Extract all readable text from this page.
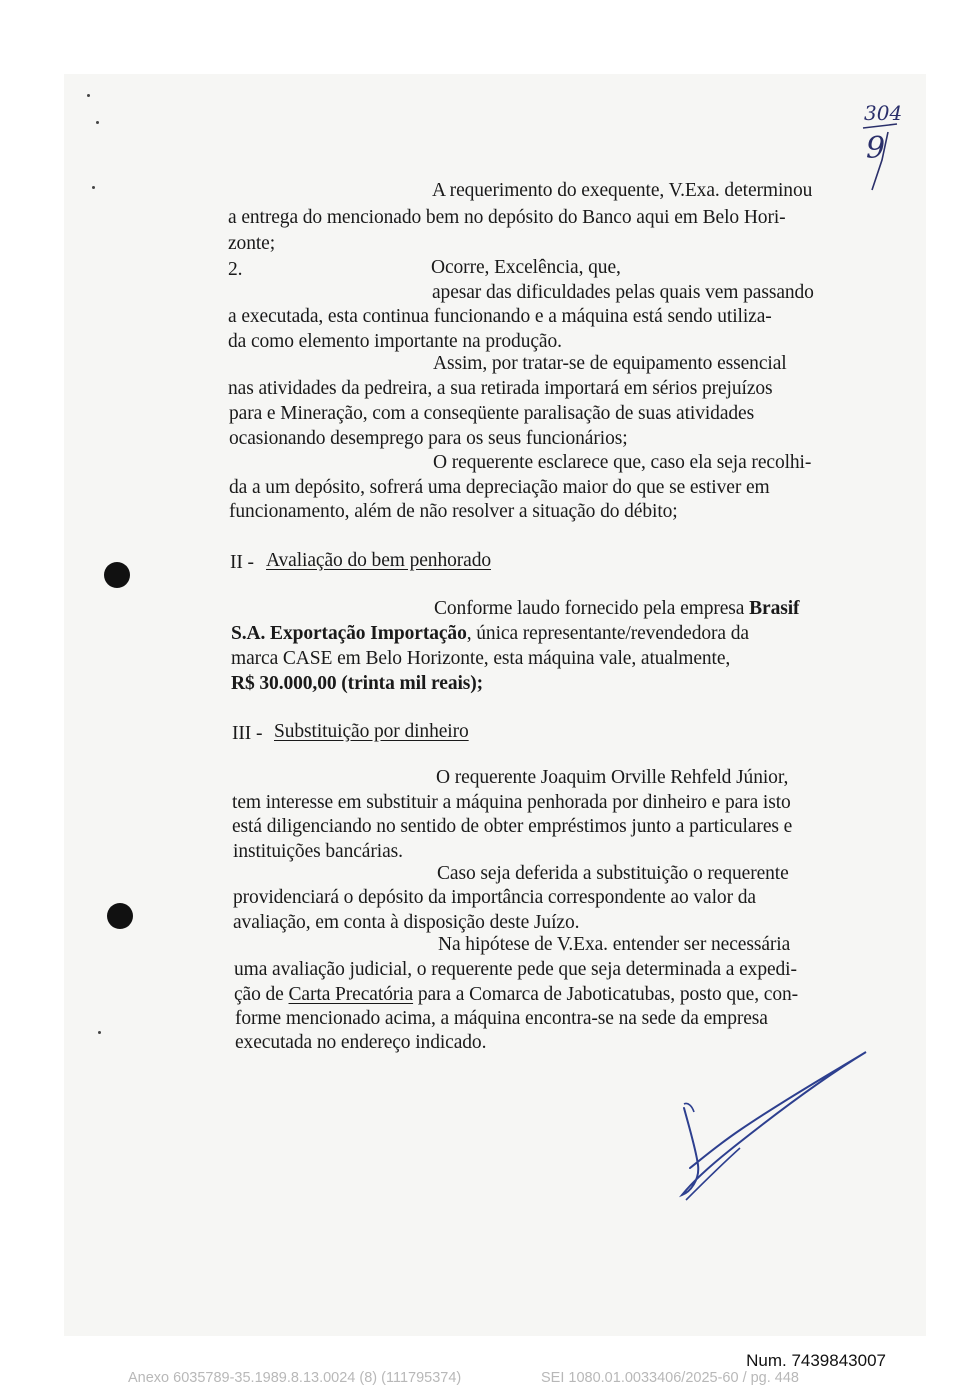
304
9
A requerimento do exequente, V.Exa. determinou
a entrega do mencionado bem no depósito do Banco aqui em Belo Hori-
zonte;
2.	Ocorre, Excelência, que,
apesar das dificuldades pelas quais vem passando
a executada, esta continua funcionando e a máquina está sendo utiliza-
da como elemento importante na produção.
Assim, por tratar-se de equipamento essencial
nas atividades da pedreira, a sua retirada importará em sérios prejuízos
para e Mineração, com a conseqüente paralisação de suas atividades
ocasionando desemprego para os seus funcionários;
O requerente esclarece que, caso ela seja recolhi-
da a um depósito, sofrerá uma depreciação maior do que se estiver em
funcionamento, além de não resolver a situação do débito;
II - Avaliação do bem penhorado
Conforme laudo fornecido pela empresa Brasif
S.A. Exportação Importação, única representante/revendedora da
marca CASE em Belo Horizonte, esta máquina vale, atualmente,
R$ 30.000,00 (trinta mil reais);
III - Substituição por dinheiro
O requerente Joaquim Orville Rehfeld Júnior,
tem interesse em substituir a máquina penhorada por dinheiro e para isto
está diligenciando no sentido de obter empréstimos junto a particulares e
instituições bancárias.
Caso seja deferida a substituição o requerente
providenciará o depósito da importância correspondente ao valor da
avaliação, em conta à disposição deste Juízo.
Na hipótese de V.Exa. entender ser necessária
uma avaliação judicial, o requerente pede que seja determinada a expedi-
ção de Carta Precatória para a Comarca de Jaboticatubas, posto que, con-
forme mencionado acima, a máquina encontra-se na sede da empresa
executada no endereço indicado.
Num. 7439843007
Anexo 6035789-35.1989.8.13.0024 (8) (111795374)	SEI 1080.01.0033406/2025-60 / pg. 448
